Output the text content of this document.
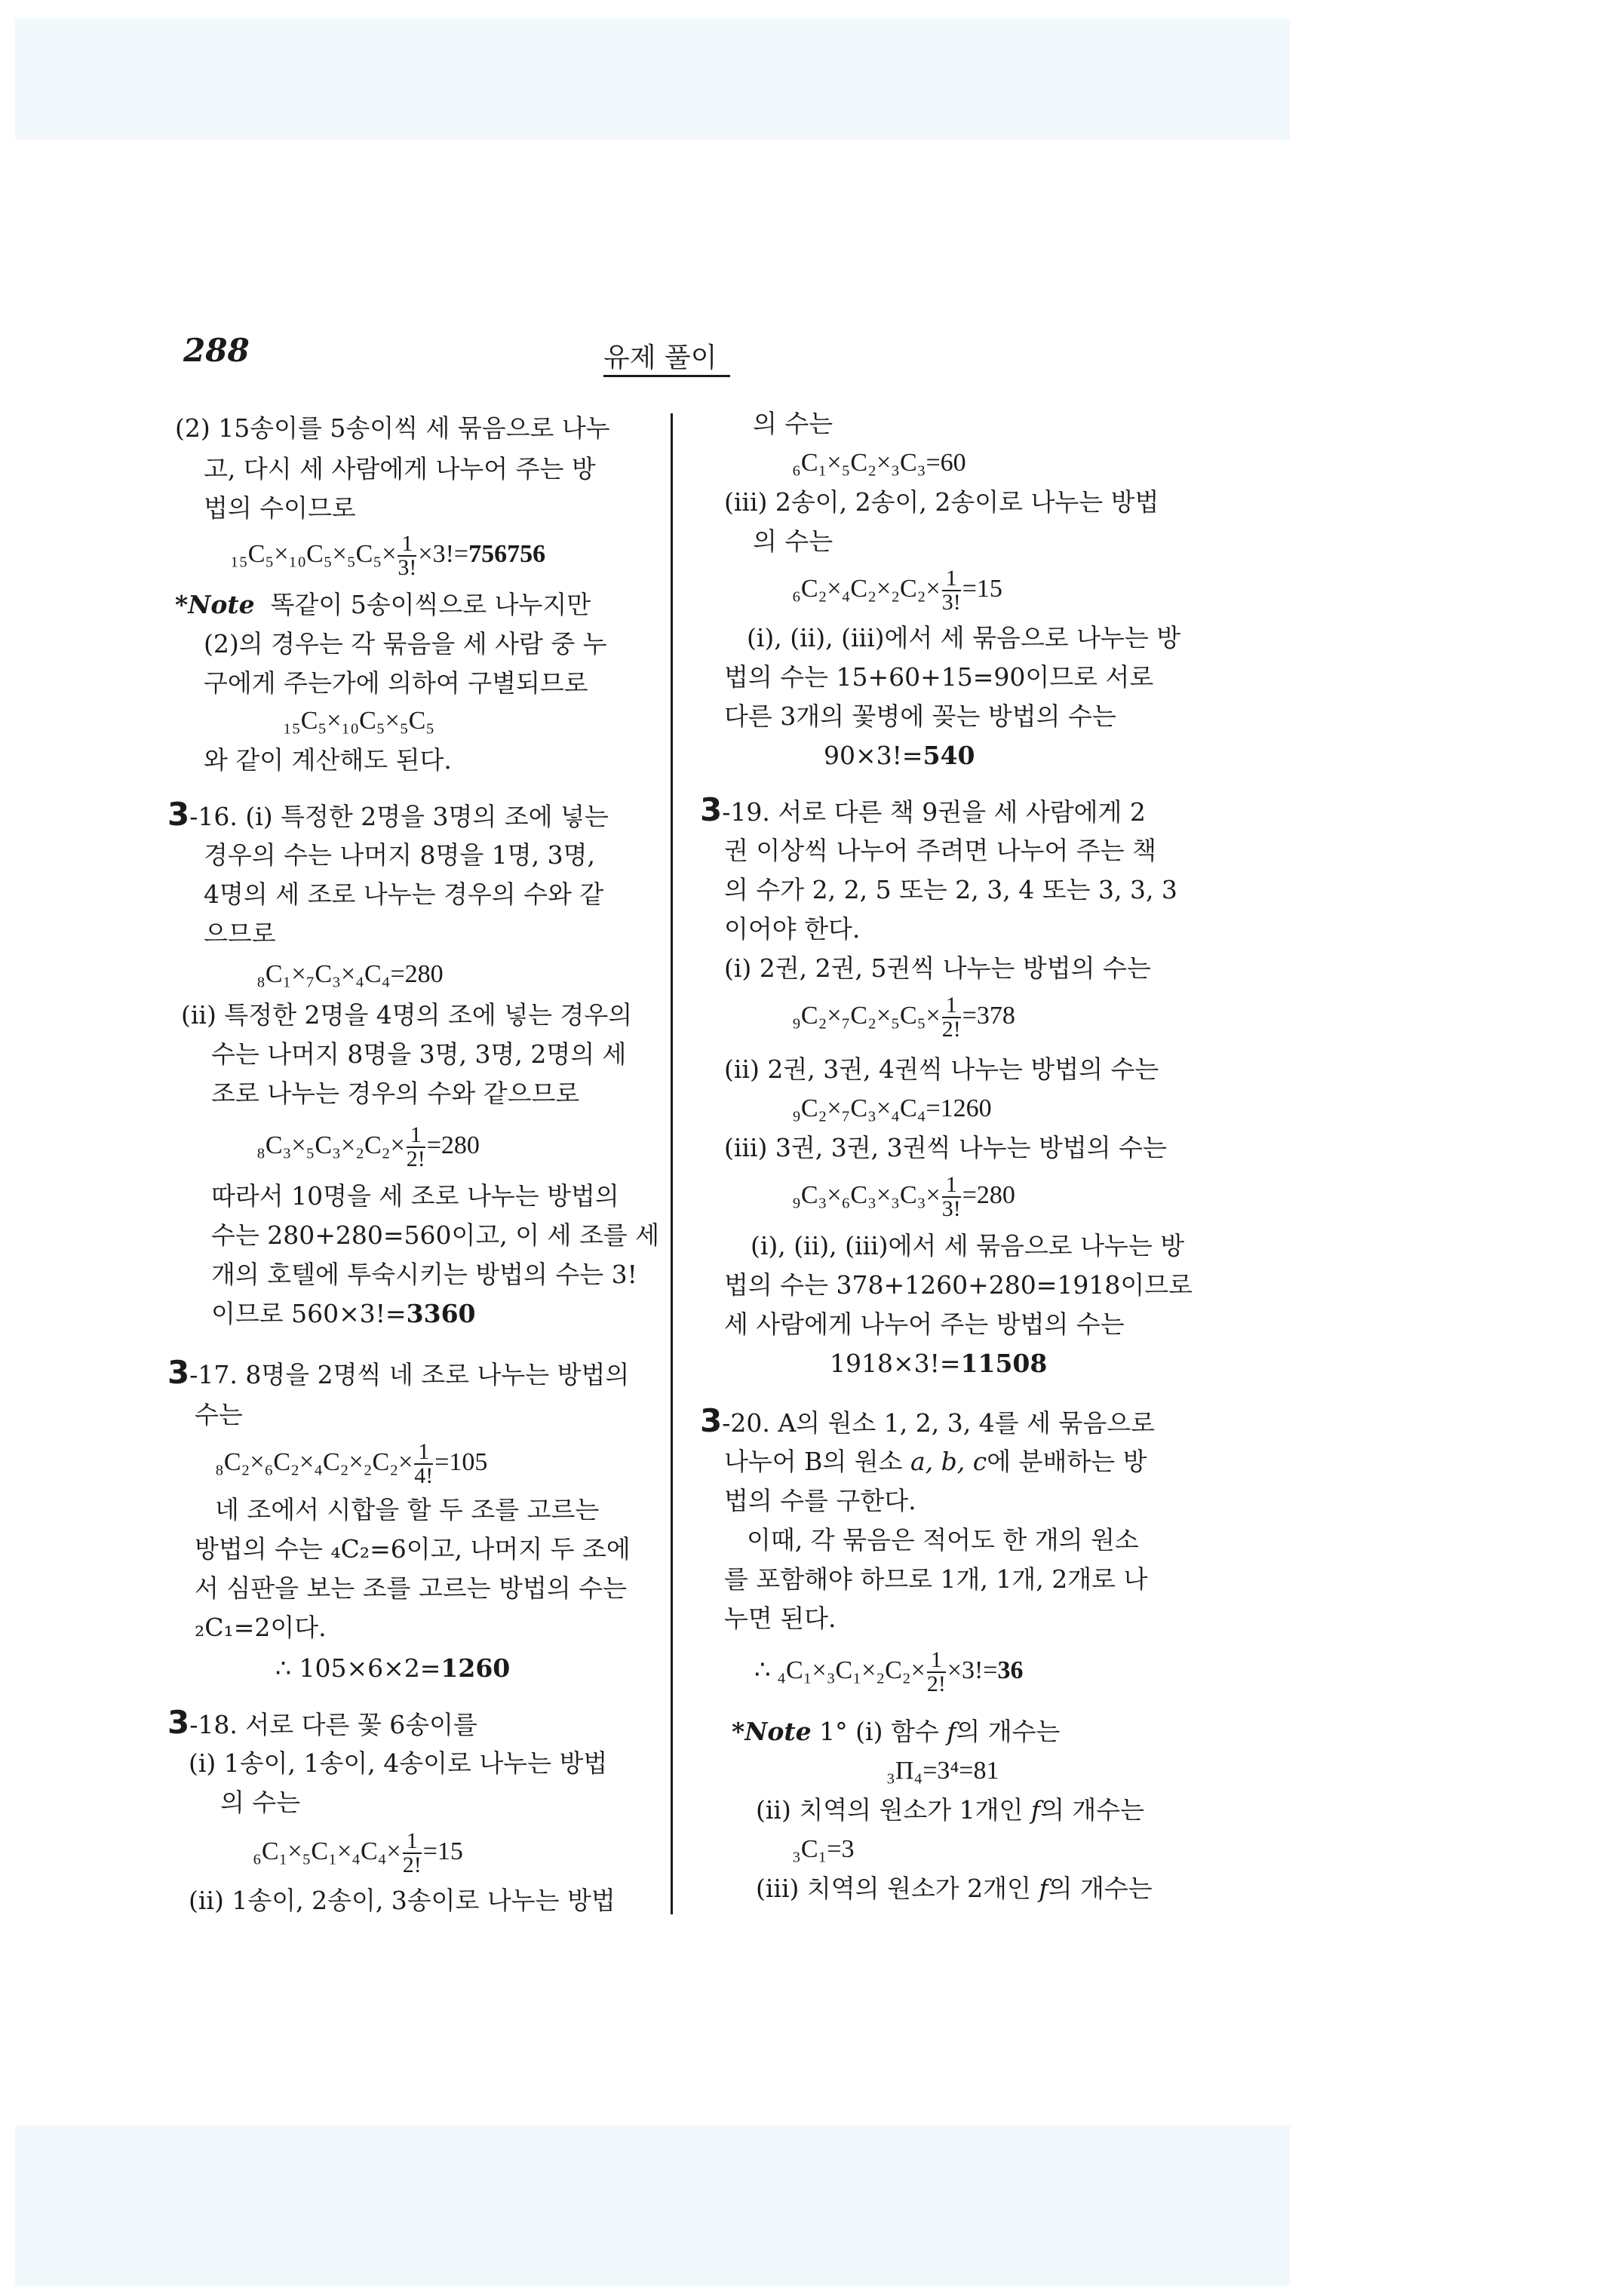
288	유제 풀이
(2) 15송이를 5송이씩 세 묶음으로 나누
고, 다시 세 사람에게 나누어 주는 방
법의 수이므로
$_{15}C_5\times_{10}C_5\times_5C_5\times \frac{1}{3!} \times 3!=756756$
*Note 똑같이 5송이씩으로 나누지만
(2)의 경우는 각 묶음을 세 사람 중 누
구에게 주는가에 의하여 구별되므로
₁₅C₅×₁₀C₅×₅C₅
와 같이 계산해도 된다.
3-16. (i) 특정한 2명을 3명의 조에 넣는
경우의 수는 나머지 8명을 1명, 3명,
4명의 세 조로 나누는 경우의 수와 같
으므로
₈C₁×₇C₃×₄C₄=280
(ii) 특정한 2명을 4명의 조에 넣는 경우의
수는 나머지 8명을 3명, 3명, 2명의 세
조로 나누는 경우의 수와 같으므로
$_8C_3\times_5C_3\times_2C_2\times \frac{1}{2!} =280$
따라서 10명을 세 조로 나누는 방법의
수는 280+280=560이고, 이 세 조를 세
개의 호텔에 투숙시키는 방법의 수는 3!
이므로 560×3!=3360
3-17. 8명을 2명씩 네 조로 나누는 방법의
수는
$_8C_2\times_6C_2\times_4C_2\times_2C_2\times \frac{1}{4!} =105$
네 조에서 시합을 할 두 조를 고르는
방법의 수는 ₄C₂=6이고, 나머지 두 조에
서 심판을 보는 조를 고르는 방법의 수는
₂C₁=2이다.
∴ 105×6×2=1260
3-18. 서로 다른 꽃 6송이를
(i) 1송이, 1송이, 4송이로 나누는 방법
의 수는
$_6C_1\times_5C_1\times_4C_4\times \frac{1}{2!} =15$
(ii) 1송이, 2송이, 3송이로 나누는 방법
의 수는
₆C₁×₅C₂×₃C₃=60
(iii) 2송이, 2송이, 2송이로 나누는 방법
의 수는
$_6C_2\times_4C_2\times_2C_2\times \frac{1}{3!} =15$
(i), (ii), (iii)에서 세 묶음으로 나누는 방
법의 수는 15+60+15=90이므로 서로
다른 3개의 꽃병에 꽂는 방법의 수는
90×3!=540
3-19. 서로 다른 책 9권을 세 사람에게 2
권 이상씩 나누어 주려면 나누어 주는 책
의 수가 2, 2, 5 또는 2, 3, 4 또는 3, 3, 3
이어야 한다.
(i) 2권, 2권, 5권씩 나누는 방법의 수는
$_9C_2\times_7C_2\times_5C_5\times \frac{1}{2!} =378$
(ii) 2권, 3권, 4권씩 나누는 방법의 수는
₉C₂×₇C₃×₄C₄=1260
(iii) 3권, 3권, 3권씩 나누는 방법의 수는
$_9C_3\times_6C_3\times_3C_3\times \frac{1}{3!} =280$
(i), (ii), (iii)에서 세 묶음으로 나누는 방
법의 수는 378+1260+280=1918이므로
세 사람에게 나누어 주는 방법의 수는
1918×3!=11508
3-20. A의 원소 1, 2, 3, 4를 세 묶음으로
나누어 B의 원소 a, b, c에 분배하는 방
법의 수를 구한다.
이때, 각 묶음은 적어도 한 개의 원소
를 포함해야 하므로 1개, 1개, 2개로 나
누면 된다.
∴ $_4C_1\times_3C_1\times_2C_2\times \frac{1}{2!} \times 3!=36$
*Note 1° (i) 함수 f의 개수는
₃Π₄=3⁴=81
(ii) 치역의 원소가 1개인 f의 개수는
₃C₁=3
(iii) 치역의 원소가 2개인 f의 개수는
